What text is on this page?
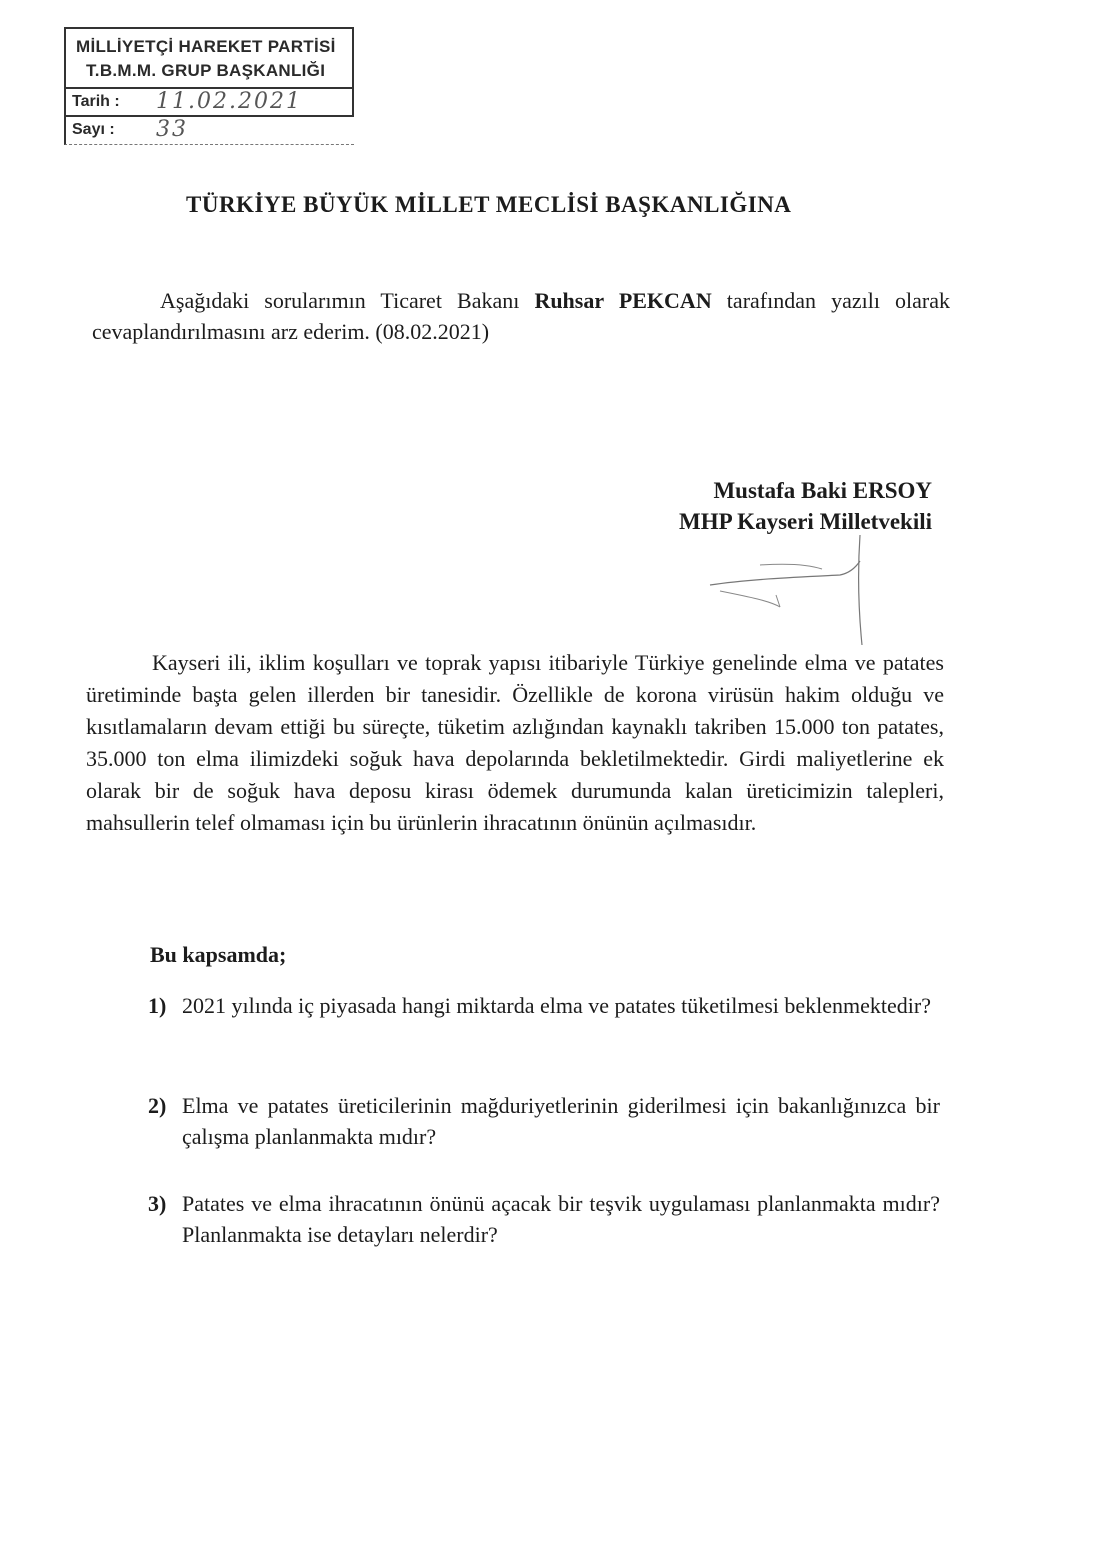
MİLLİYETÇİ HAREKET PARTİSİ
T.B.M.M. GRUP BAŞKANLIĞI
Tarih : 11.02.2021
Sayı : 33
TÜRKİYE BÜYÜK MİLLET MECLİSİ BAŞKANLIĞINA
Aşağıdaki sorularımın Ticaret Bakanı Ruhsar PEKCAN tarafından yazılı olarak cevaplandırılmasını arz ederim. (08.02.2021)
Mustafa Baki ERSOY
MHP Kayseri Milletvekili
Kayseri ili, iklim koşulları ve toprak yapısı itibariyle Türkiye genelinde elma ve patates üretiminde başta gelen illerden bir tanesidir. Özellikle de korona virüsün hakim olduğu ve kısıtlamaların devam ettiği bu süreçte, tüketim azlığından kaynaklı takriben 15.000 ton patates, 35.000 ton elma ilimizdeki soğuk hava depolarında bekletilmektedir. Girdi maliyetlerine ek olarak bir de soğuk hava deposu kirası ödemek durumunda kalan üreticimizin talepleri, mahsullerin telef olmaması için bu ürünlerin ihracatının önünün açılmasıdır.
Bu kapsamda;
1) 2021 yılında iç piyasada hangi miktarda elma ve patates tüketilmesi beklenmektedir?
2) Elma ve patates üreticilerinin mağduriyetlerinin giderilmesi için bakanlığınızca bir çalışma planlanmakta mıdır?
3) Patates ve elma ihracatının önünü açacak bir teşvik uygulaması planlanmakta mıdır? Planlanmakta ise detayları nelerdir?
